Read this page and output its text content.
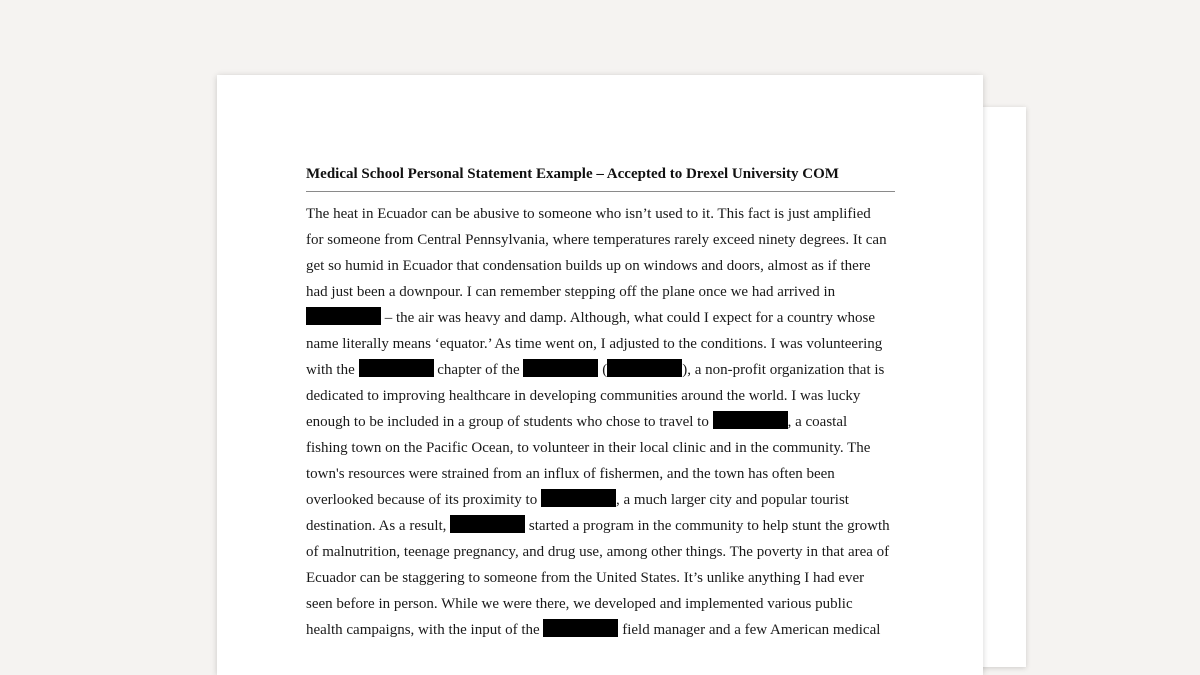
Medical School Personal Statement Example – Accepted to Drexel University COM
The heat in Ecuador can be abusive to someone who isn’t used to it. This fact is just amplified
for someone from Central Pennsylvania, where temperatures rarely exceed ninety degrees. It can
get so humid in Ecuador that condensation builds up on windows and doors, almost as if there
had just been a downpour. I can remember stepping off the plane once we had arrived in
– the air was heavy and damp. Although, what could I expect for a country whose
name literally means ‘equator.’ As time went on, I adjusted to the conditions. I was volunteering
with the	chapter of the	(	), a non-profit organization that is
dedicated to improving healthcare in developing communities around the world. I was lucky
enough to be included in a group of students who chose to travel to	, a coastal
fishing town on the Pacific Ocean, to volunteer in their local clinic and in the community. The
town's resources were strained from an influx of fishermen, and the town has often been
overlooked because of its proximity to	, a much larger city and popular tourist
destination. As a result,	started a program in the community to help stunt the growth
of malnutrition, teenage pregnancy, and drug use, among other things. The poverty in that area of
Ecuador can be staggering to someone from the United States. It’s unlike anything I had ever
seen before in person. While we were there, we developed and implemented various public
health campaigns, with the input of the	field manager and a few American medical
